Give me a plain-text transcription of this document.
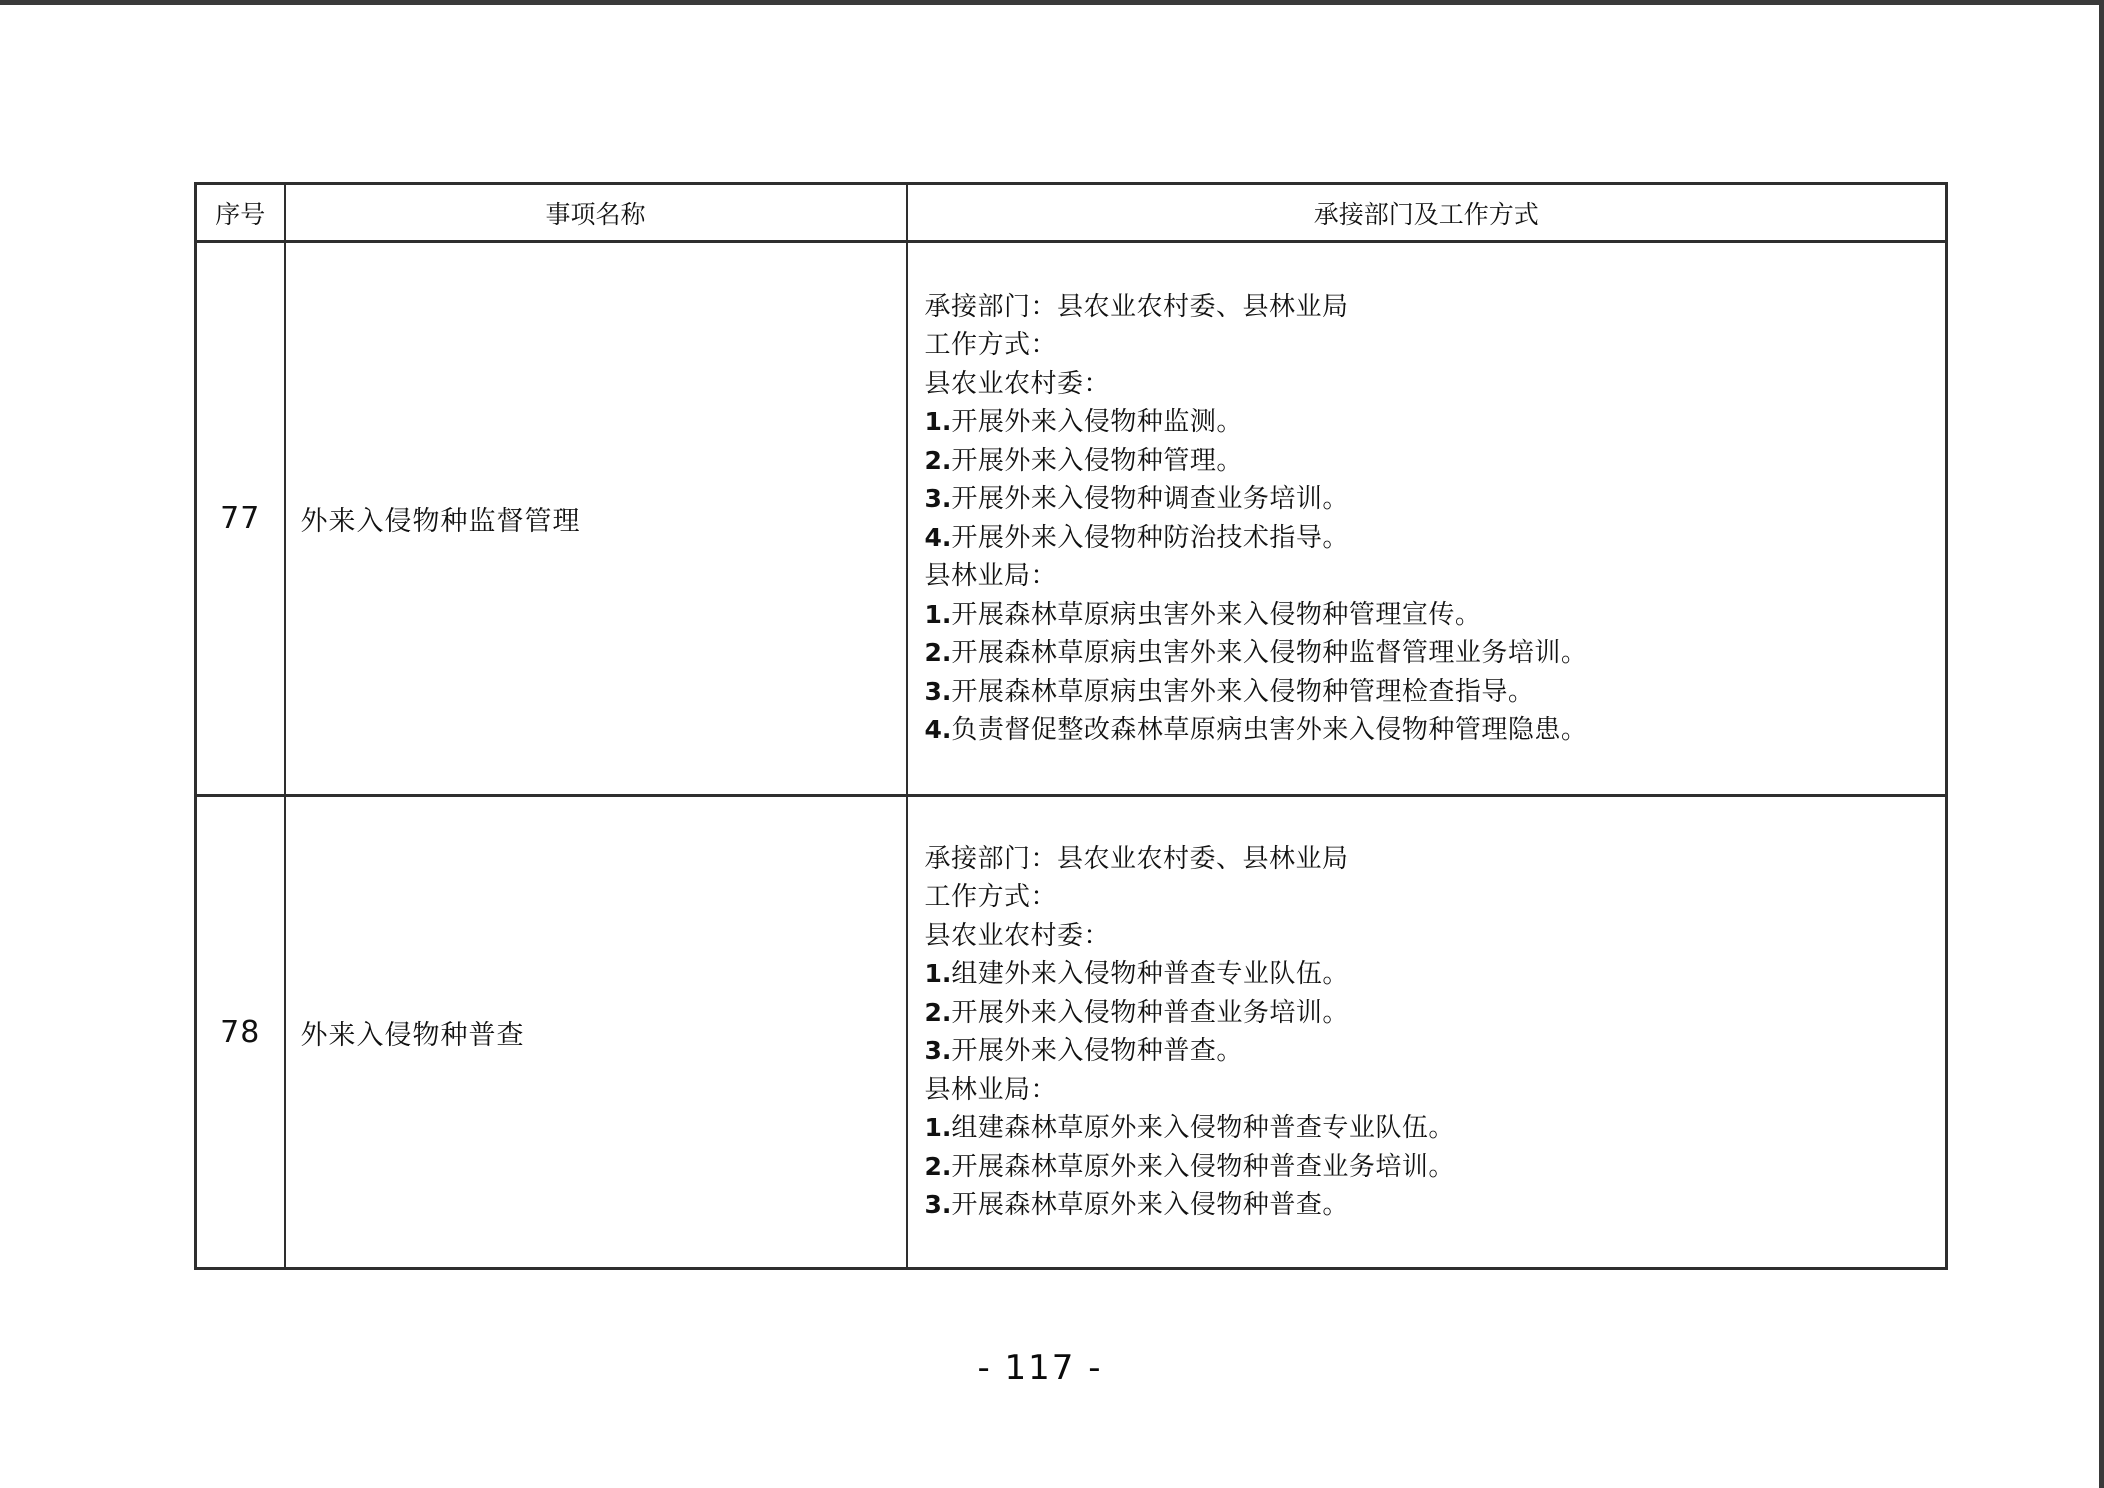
序号	事项名称	承接部门及工作方式
77	外来入侵物种监督管理	
承接部门：县农业农村委、县林业局
工作方式：
县农业农村委：
1.开展外来入侵物种监测。
2.开展外来入侵物种管理。
3.开展外来入侵物种调查业务培训。
4.开展外来入侵物种防治技术指导。
县林业局：
1.开展森林草原病虫害外来入侵物种管理宣传。
2.开展森林草原病虫害外来入侵物种监督管理业务培训。
3.开展森林草原病虫害外来入侵物种管理检查指导。
4.负责督促整改森林草原病虫害外来入侵物种管理隐患。

78	外来入侵物种普查	
承接部门：县农业农村委、县林业局
工作方式：
县农业农村委：
1.组建外来入侵物种普查专业队伍。
2.开展外来入侵物种普查业务培训。
3.开展外来入侵物种普查。
县林业局：
1.组建森林草原外来入侵物种普查专业队伍。
2.开展森林草原外来入侵物种普查业务培训。
3.开展森林草原外来入侵物种普查。
- 117 -
